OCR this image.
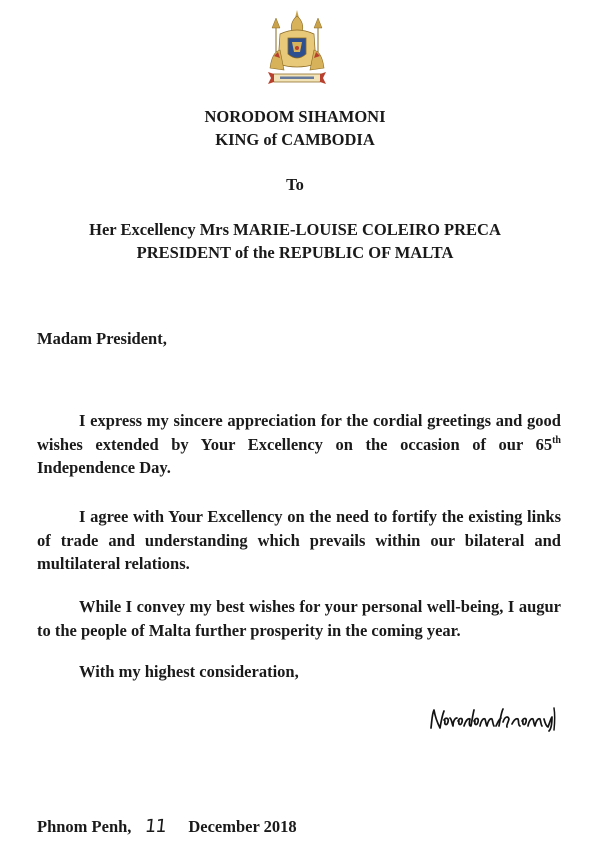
NORODOM SIHAMONI
KING of CAMBODIA
To
Her Excellency Mrs MARIE-LOUISE COLEIRO PRECA
PRESIDENT of the REPUBLIC OF MALTA
Madam President,

I express my sincere appreciation for the cordial greetings and good wishes extended by Your Excellency on the occasion of our 65th Independence Day.

I agree with Your Excellency on the need to fortify the existing links of trade and understanding which prevails within our bilateral and multilateral relations.

While I convey my best wishes for your personal well-being, I augur to the people of Malta further prosperity in the coming year.

With my highest consideration,
Phnom Penh, 11 December 2018
